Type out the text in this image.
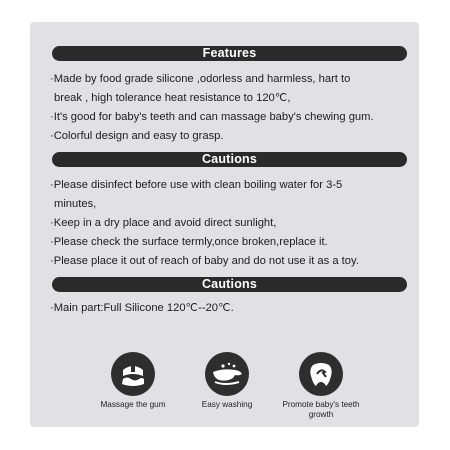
Features
·Made by food grade silicone ,odorless and harmless, hart to
break , high tolerance heat resistance to 120℃,
·It's good for baby's teeth and can massage baby's chewing gum.
·Colorful design and easy to grasp.
Cautions
·Please disinfect before use with clean boiling water for 3-5
minutes,
·Keep in a dry place and avoid direct sunlight,
·Please check the surface termly,once broken,replace it.
·Please place it out of reach of baby and do not use it as a toy.
Cautions
·Main part:Full Silicone 120℃--20℃.
Massage the gum	Easy washing	Promote baby's teeth growth
